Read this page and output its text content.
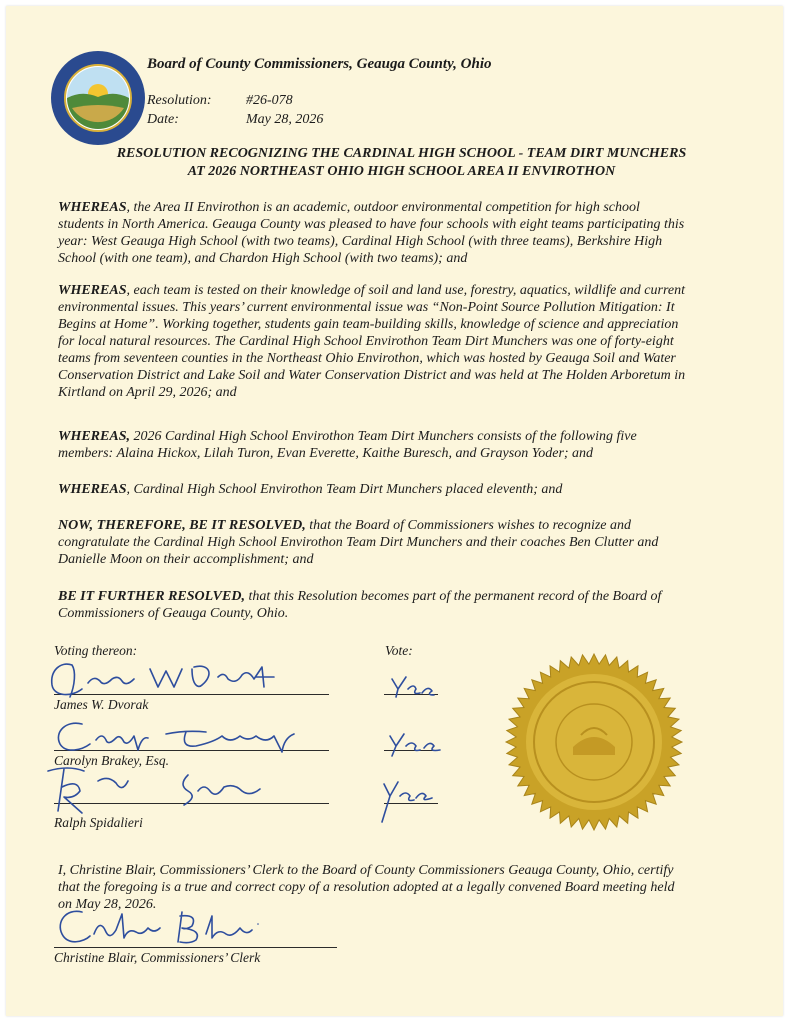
Board of County Commissioners, Geauga County, Ohio
Resolution: #26-078
Date:	May 28, 2026
RESOLUTION RECOGNIZING THE CARDINAL HIGH SCHOOL - TEAM DIRT MUNCHERS
AT 2026 NORTHEAST OHIO HIGH SCHOOL AREA II ENVIROTHON
WHEREAS, the Area II Envirothon is an academic, outdoor environmental competition for high school
students in North America. Geauga County was pleased to have four schools with eight teams participating this
year: West Geauga High School (with two teams), Cardinal High School (with three teams), Berkshire High
School (with one team), and Chardon High School (with two teams); and
WHEREAS, each team is tested on their knowledge of soil and land use, forestry, aquatics, wildlife and current
environmental issues. This years’ current environmental issue was “Non-Point Source Pollution Mitigation: It
Begins at Home”. Working together, students gain team-building skills, knowledge of science and appreciation
for local natural resources. The Cardinal High School Envirothon Team Dirt Munchers was one of forty-eight
teams from seventeen counties in the Northeast Ohio Envirothon, which was hosted by Geauga Soil and Water
Conservation District and Lake Soil and Water Conservation District and was held at The Holden Arboretum in
Kirtland on April 29, 2026; and
WHEREAS, 2026 Cardinal High School Envirothon Team Dirt Munchers consists of the following five
members: Alaina Hickox, Lilah Turon, Evan Everette, Kaithe Buresch, and Grayson Yoder; and
WHEREAS, Cardinal High School Envirothon Team Dirt Munchers placed eleventh; and
NOW, THEREFORE, BE IT RESOLVED, that the Board of Commissioners wishes to recognize and
congratulate the Cardinal High School Envirothon Team Dirt Munchers and their coaches Ben Clutter and
Danielle Moon on their accomplishment; and
BE IT FURTHER RESOLVED, that this Resolution becomes part of the permanent record of the Board of
Commissioners of Geauga County, Ohio.
Voting thereon:	Vote:
James W. Dvorak
Carolyn Brakey, Esq.
Ralph Spidalieri
I, Christine Blair, Commissioners’ Clerk to the Board of County Commissioners Geauga County, Ohio, certify
that the foregoing is a true and correct copy of a resolution adopted at a legally convened Board meeting held
on May 28, 2026.
Christine Blair, Commissioners’ Clerk
